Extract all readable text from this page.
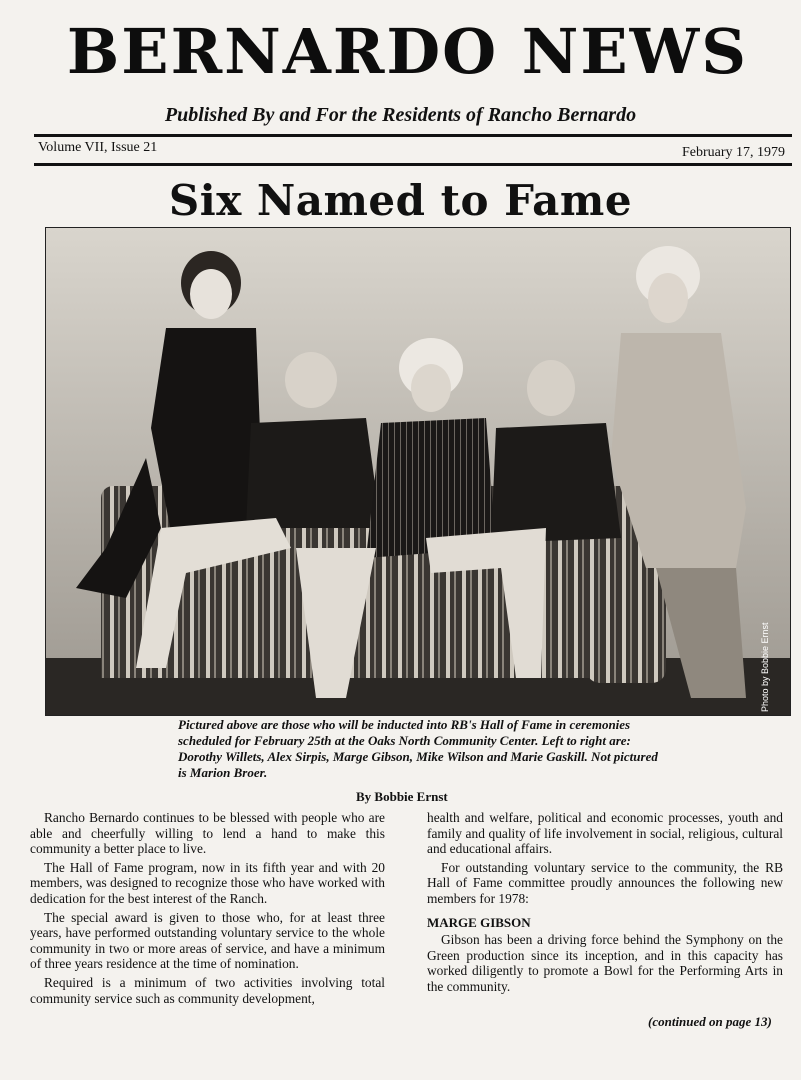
BERNARDO NEWS
Published By and For the Residents of Rancho Bernardo
Volume VII, Issue 21	February 17, 1979
Six Named to Fame
Photo by Bobbie Ernst
Pictured above are those who will be inducted into RB's Hall of Fame in ceremonies scheduled for February 25th at the Oaks North Community Center. Left to right are: Dorothy Willets, Alex Sirpis, Marge Gibson, Mike Wilson and Marie Gaskill. Not pictured is Marion Broer.
By Bobbie Ernst

Rancho Bernardo continues to be blessed with people who are able and cheerfully willing to lend a hand to make this community a better place to live.

The Hall of Fame program, now in its fifth year and with 20 members, was designed to recognize those who have worked with dedication for the best interest of the Ranch.

The special award is given to those who, for at least three years, have performed outstanding voluntary service to the whole community in two or more areas of service, and have a minimum of three years residence at the time of nomination.

Required is a minimum of two activities involving total community service such as community development,

health and welfare, political and economic processes, youth and family and quality of life involvement in social, religious, cultural and educational affairs.

For outstanding voluntary service to the community, the RB Hall of Fame committee proudly announces the following new members for 1978:

MARGE GIBSON

Gibson has been a driving force behind the Symphony on the Green production since its inception, and in this capacity has worked diligently to promote a Bowl for the Performing Arts in the community.

(continued on page 13)
